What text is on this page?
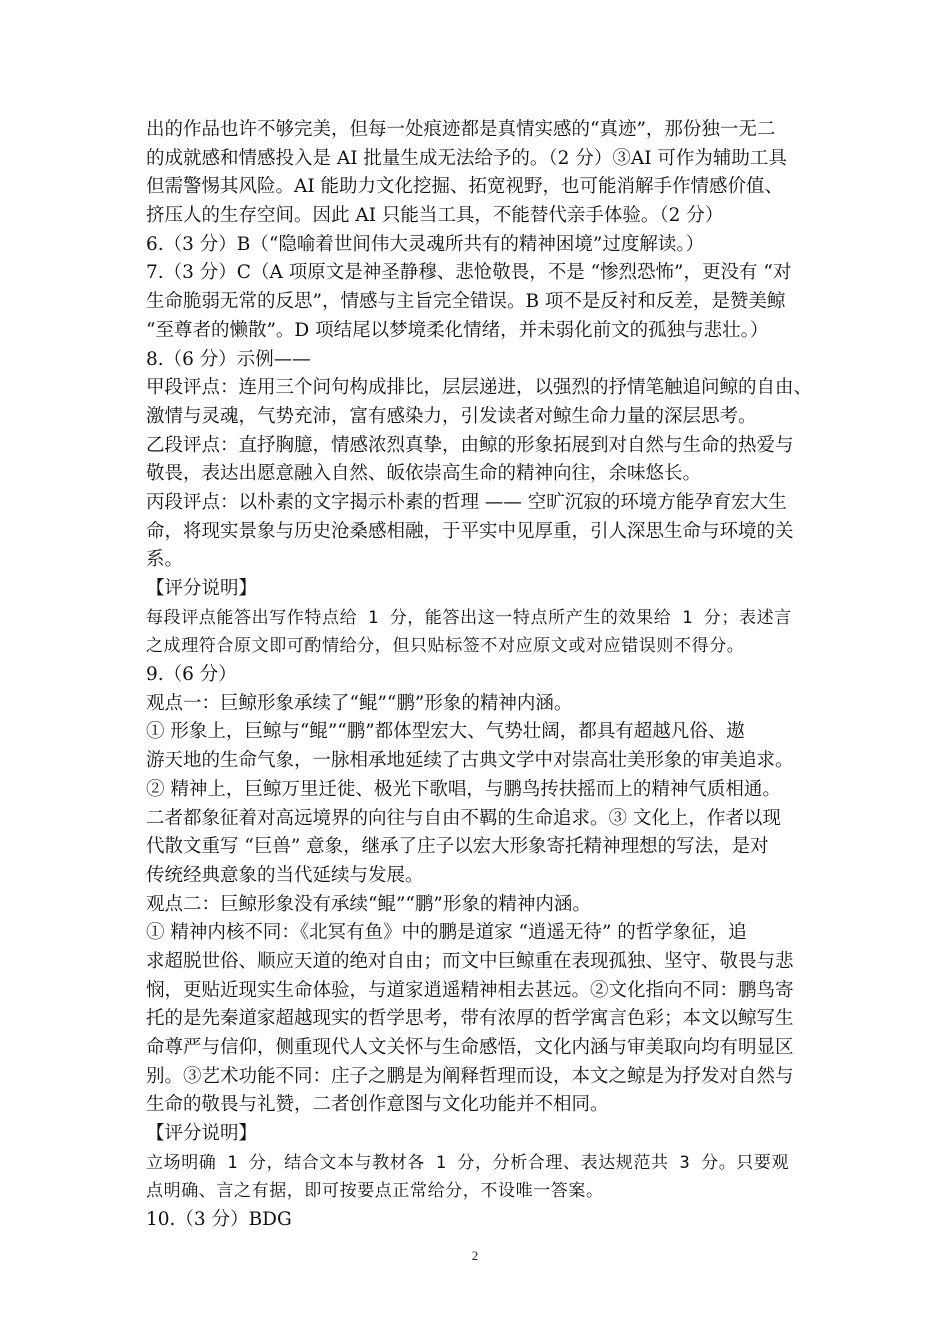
出的作品也许不够完美，但每一处痕迹都是真情实感的“真迹”，那份独一无二

的成就感和情感投入是 AI 批量生成无法给予的。（2 分）③AI 可作为辅助工具

但需警惕其风险。AI 能助力文化挖掘、拓宽视野，也可能消解手作情感价值、

挤压人的生存空间。因此 AI 只能当工具，不能替代亲手体验。（2 分）

6.（3 分）B（“隐喻着世间伟大灵魂所共有的精神困境”过度解读。）

7.（3 分）C（A 项原文是神圣静穆、悲怆敬畏，不是 “惨烈恐怖”，更没有 “对

生命脆弱无常的反思”，情感与主旨完全错误。B 项不是反衬和反差，是赞美鲸

“至尊者的懒散”。D 项结尾以梦境柔化情绪，并未弱化前文的孤独与悲壮。）

8.（6 分）示例——

甲段评点：连用三个问句构成排比，层层递进，以强烈的抒情笔触追问鲸的自由、

激情与灵魂，气势充沛，富有感染力，引发读者对鲸生命力量的深层思考。

乙段评点：直抒胸臆，情感浓烈真挚，由鲸的形象拓展到对自然与生命的热爱与

敬畏，表达出愿意融入自然、皈依崇高生命的精神向往，余味悠长。

丙段评点：以朴素的文字揭示朴素的哲理 —— 空旷沉寂的环境方能孕育宏大生

命，将现实景象与历史沧桑感相融，于平实中见厚重，引人深思生命与环境的关

系。

【评分说明】

每段评点能答出写作特点给 1 分，能答出这一特点所产生的效果给 1 分；表述言

之成理符合原文即可酌情给分，但只贴标签不对应原文或对应错误则不得分。

9.（6 分）

观点一：巨鲸形象承续了“鲲”“鹏”形象的精神内涵。

① 形象上，巨鲸与“鲲”“鹏”都体型宏大、气势壮阔，都具有超越凡俗、遨

游天地的生命气象，一脉相承地延续了古典文学中对崇高壮美形象的审美追求。

② 精神上，巨鲸万里迁徙、极光下歌唱，与鹏鸟抟扶摇而上的精神气质相通。

二者都象征着对高远境界的向往与自由不羁的生命追求。③ 文化上，作者以现

代散文重写 “巨兽” 意象，继承了庄子以宏大形象寄托精神理想的写法，是对

传统经典意象的当代延续与发展。

观点二：巨鲸形象没有承续“鲲”“鹏”形象的精神内涵。

① 精神内核不同：《北冥有鱼》中的鹏是道家 “逍遥无待” 的哲学象征，追

求超脱世俗、顺应天道的绝对自由；而文中巨鲸重在表现孤独、坚守、敬畏与悲

悯，更贴近现实生命体验，与道家逍遥精神相去甚远。②文化指向不同：鹏鸟寄

托的是先秦道家超越现实的哲学思考，带有浓厚的哲学寓言色彩；本文以鲸写生

命尊严与信仰，侧重现代人文关怀与生命感悟，文化内涵与审美取向均有明显区

别。③艺术功能不同：庄子之鹏是为阐释哲理而设，本文之鲸是为抒发对自然与

生命的敬畏与礼赞，二者创作意图与文化功能并不相同。

【评分说明】

立场明确 1 分，结合文本与教材各 1 分，分析合理、表达规范共 3 分。只要观

点明确、言之有据，即可按要点正常给分，不设唯一答案。

10.（3 分）BDG

2
